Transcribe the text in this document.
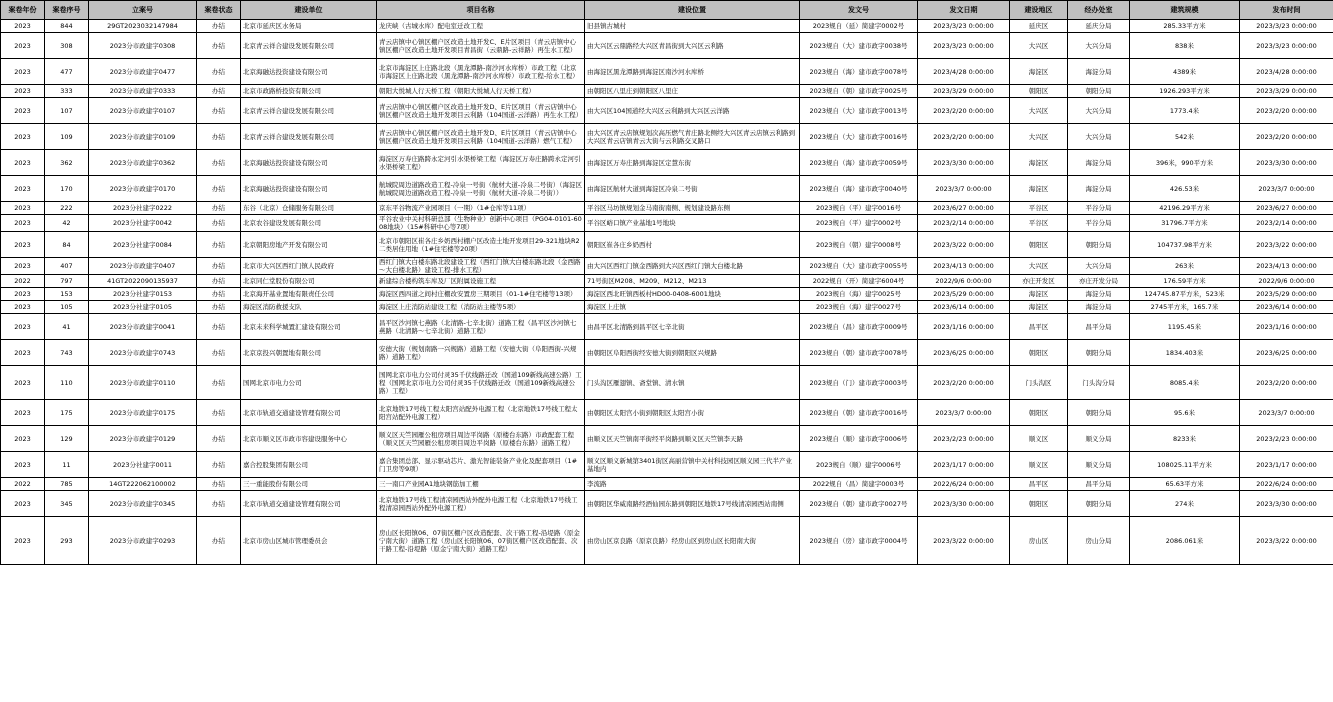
案卷年份	案卷序号	立案号	案卷状态	建设单位	项目名称	建设位置	发文号	发文日期	建设地区	经办处室	建筑规模	发布时间
2023	844	29GT2023032147984	办结	北京市延庆区水务局	龙庆峡（古城水库）配电室迁改工程	旧县镇古城村	2023规自（延）简建字0002号	2023/3/23 0:00:00	延庆区	延庆分局	285.33平方米	2023/3/23 0:00:00
2023	308	2023分市政建字0308	办结	北京青云祥合建设发展有限公司	青云店镇中心镇区棚户区改造土地开发C、E片区项目（青云店镇中心镇区棚户区改造土地开发项目青昌街（云鼎路-云祥路）再生水工程）	由大兴区云鼎路经大兴区青昌街到大兴区云利路	2023规自（大）建市政字0038号	2023/3/23 0:00:00	大兴区	大兴分局	838米	2023/3/23 0:00:00
2023	477	2023分市政建字0477	办结	北京海融达投资建设有限公司	北京市海淀区上庄路北段（黑龙潭路-南沙河水库桥）市政工程（北京市海淀区上庄路北段（黑龙潭路-南沙河水库桥）市政工程-给水工程）	由海淀区黑龙潭路到海淀区南沙河水库桥	2023规自（海）建市政字0078号	2023/4/28 0:00:00	海淀区	海淀分局	4389米	2023/4/28 0:00:00
2023	333	2023分市政建字0333	办结	北京市政路桥投资有限公司	朝阳大悦城人行天桥工程（朝阳大悦城人行天桥工程）	由朝阳区八里庄到朝阳区八里庄	2023规自（朝）建市政字0025号	2023/3/29 0:00:00	朝阳区	朝阳分局	1926.293平方米	2023/3/29 0:00:00
2023	107	2023分市政建字0107	办结	北京青云祥合建设发展有限公司	青云店镇中心镇区棚户区改造土地开发D、E片区项目（青云店镇中心镇区棚户区改造土地开发项目云利路（104国道-云洋路）再生水工程）	由大兴区104国道经大兴区云利路到大兴区云洋路	2023规自（大）建市政字0013号	2023/2/20 0:00:00	大兴区	大兴分局	1773.4米	2023/2/20 0:00:00
2023	109	2023分市政建字0109	办结	北京青云祥合建设发展有限公司	青云店镇中心镇区棚户区改造土地开发D、E片区项目（青云店镇中心镇区棚户区改造土地开发项目云利路（104国道-云洋路）燃气工程）	由大兴区青云店镇规划次高压燃气青庄路北侧经大兴区青云店镇云利路到大兴区青云店镇青云大街与云利路交叉路口	2023规自（大）建市政字0016号	2023/2/20 0:00:00	大兴区	大兴分局	542米	2023/2/20 0:00:00
2023	362	2023分市政建字0362	办结	北京海融达投资建设有限公司	海淀区万寿庄路跨永定河引水渠桥梁工程（海淀区万寿庄路跨永定河引水渠桥梁工程）	由海淀区万寿庄路到海淀区定慧东街	2023规自（海）建市政字0059号	2023/3/30 0:00:00	海淀区	海淀分局	396米，990平方米	2023/3/30 0:00:00
2023	170	2023分市政建字0170	办结	北京海融达投资建设有限公司	航城院周边道路改造工程-冷泉一号街（航材大道-冷泉二号街）（海淀区航城院周边道路改造工程-冷泉一号街（航材大道-冷泉二号街））	由海淀区航材大道到海淀区冷泉二号街	2023规自（海）建市政字0040号	2023/3/7 0:00:00	海淀区	海淀分局	426.53米	2023/3/7 0:00:00
2023	222	2023分社建字0222	办结	东谷（北京）仓储服务有限公司	京东平谷物流产业园项目（一期）（1#仓库等11项）	平谷区马坊镇规划金马南街南侧、规划建设路东侧	2023规自（平）建字0016号	2023/6/27 0:00:00	平谷区	平谷分局	42196.29平方米	2023/6/27 0:00:00
2023	42	2023分社建字0042	办结	北京农谷建设发展有限公司	平谷农业中关村科研总部（生物种业）创新中心项目（PG04-0101-6008地块）（15#科研中心等7项）	平谷区峪口镇产业基地1号地块	2023规自（平）建字0002号	2023/2/14 0:00:00	平谷区	平谷分局	31796.7平方米	2023/2/14 0:00:00
2023	84	2023分社建字0084	办结	北京朝阳房地产开发有限公司	北京市朝阳区崔各庄乡奶西村棚户区改造土地开发项目29-321地块R2二类居住用地（1#住宅楼等20项）	朝阳区崔各庄乡奶西村	2023规自（朝）建字0008号	2023/3/22 0:00:00	朝阳区	朝阳分局	104737.98平方米	2023/3/22 0:00:00
2023	407	2023分市政建字0407	办结	北京市大兴区西红门镇人民政府	西红门镇大白楼东路北段建设工程（西红门镇大白楼东路北段（金西路～大白楼北路）建设工程-排水工程）	由大兴区西红门镇金西路到大兴区西红门镇大白楼北路	2023规自（大）建市政字0055号	2023/4/13 0:00:00	大兴区	大兴分局	263米	2023/4/13 0:00:00
2022	797	41GT2022090135937	办结	北京同仁堂股份有限公司	新建综合楼构筑车库及厂区附属设施工程	71号街区M208、M209、M212、M213	2022规自（开）简建字6004号	2022/9/6 0:00:00	亦庄开发区	亦庄开发分局	176.59平方米	2022/9/6 0:00:00
2023	153	2023分社建字0153	办结	北京海开基业置地有限责任公司	海淀区西四道之间村庄棚改安置房三期项目（01-1#住宅楼等13项）	海淀区西北旺镇西板村HD00-0408-6001地块	2023规自（海）建字0025号	2023/5/29 0:00:00	海淀区	海淀分局	124745.87平方米，523米	2023/5/29 0:00:00
2023	105	2023分社建字0105	办结	海淀区消防救援支队	海淀区上庄消防站建设工程（消防站主楼等5项）	海淀区上庄镇	2023规自（海）建字0027号	2023/6/14 0:00:00	海淀区	海淀分局	2745平方米，165.7米	2023/6/14 0:00:00
2023	41	2023分市政建字0041	办结	北京未来科学城置汇建设有限公司	昌平区沙河镇七燕路（北清路-七辛北街）道路工程（昌平区沙河镇七燕路（北清路～七辛北街）道路工程）	由昌平区北清路到昌平区七辛北街	2023规自（昌）建市政字0009号	2023/1/16 0:00:00	昌平区	昌平分局	1195.45米	2023/1/16 0:00:00
2023	743	2023分市政建字0743	办结	北京京投兴朝置地有限公司	安德大街（规划南路一兴规路）道路工程（安德大街（阜阳西街-兴规路）道路工程）	由朝阳区阜阳西街经安德大街到朝阳区兴规路	2023规自（朝）建市政字0078号	2023/6/25 0:00:00	朝阳区	朝阳分局	1834.403米	2023/6/25 0:00:00
2023	110	2023分市政建字0110	办结	国网北京市电力公司	国网北京市电力公司付灵35千伏线路迁改（国道109新线高速公路）工程（国网北京市电力公司付灵35千伏线路迁改（国道109新线高速公路）工程）	门头沟区雁翅镇、斋堂镇、清水镇	2023规自（门）建市政字0003号	2023/2/20 0:00:00	门头沟区	门头沟分局	8085.4米	2023/2/20 0:00:00
2023	175	2023分市政建字0175	办结	北京市轨道交通建设管理有限公司	北京地铁17号线工程太阳宫站配外电源工程（北京地铁17号线工程太阳宫站配外电源工程）	由朝阳区太阳宫小街到朝阳区太阳宫小街	2023规自（朝）建市政字0016号	2023/3/7 0:00:00	朝阳区	朝阳分局	95.6米	2023/3/7 0:00:00
2023	129	2023分市政建字0129	办结	北京市顺义区市政市容建设服务中心	顺义区天竺园雁公租房项目周边平岗路（原楼台东路）市政配套工程（顺义区天竺园雁公租房项目周边平岗路（原楼台东路）道路工程）	由顺义区天竺镇南平街经平岗路到顺义区天竺镇李天路	2023规自（顺）建市政字0006号	2023/2/23 0:00:00	顺义区	顺义分局	8233米	2023/2/23 0:00:00
2023	11	2023分社建字0011	办结	嘉合控股集团有限公司	嘉合集团总部、显示驱动芯片、激光智能装备产业化及配套项目（1#门卫房等9项）	顺义区顺义新城第3401街区高丽营镇中关村科技园区顺义园三代半产业基地内	2023规自（顺）建字0006号	2023/1/17 0:00:00	顺义区	顺义分局	108025.11平方米	2023/1/17 0:00:00
2022	785	14GT222062100002	办结	三一重能股份有限公司	三一南口产业园A1地块钢筋加工棚	李流路	2022规自（昌）简建字0003号	2022/6/24 0:00:00	昌平区	昌平分局	65.63平方米	2022/6/24 0:00:00
2023	345	2023分市政建字0345	办结	北京市轨道交通建设管理有限公司	北京地铁17号线工程清凉园西站外配外电源工程（北京地铁17号线工程清凉园西站外配外电源工程）	由朝阳区华威南路经酒仙园东路到朝阳区地铁17号线清凉园西站南侧	2023规自（朝）建市政字0027号	2023/3/30 0:00:00	朝阳区	朝阳分局	274米	2023/3/30 0:00:00
2023	293	2023分市政建字0293	办结	北京市房山区城市管理委员会	房山区长阳镇06、07街区棚户区改造配套、次干路工程-沿堤路（原金宁南大街）道路工程（房山区长阳镇06、07街区棚户区改造配套、次干路工程-沿堤路（原金宁南大街）道路工程）	由房山区京良路（原京良路）经房山区到房山区长阳南大街	2023规自（房）建市政字0004号	2023/3/22 0:00:00	房山区	房山分局	2086.061米	2023/3/22 0:00:00
